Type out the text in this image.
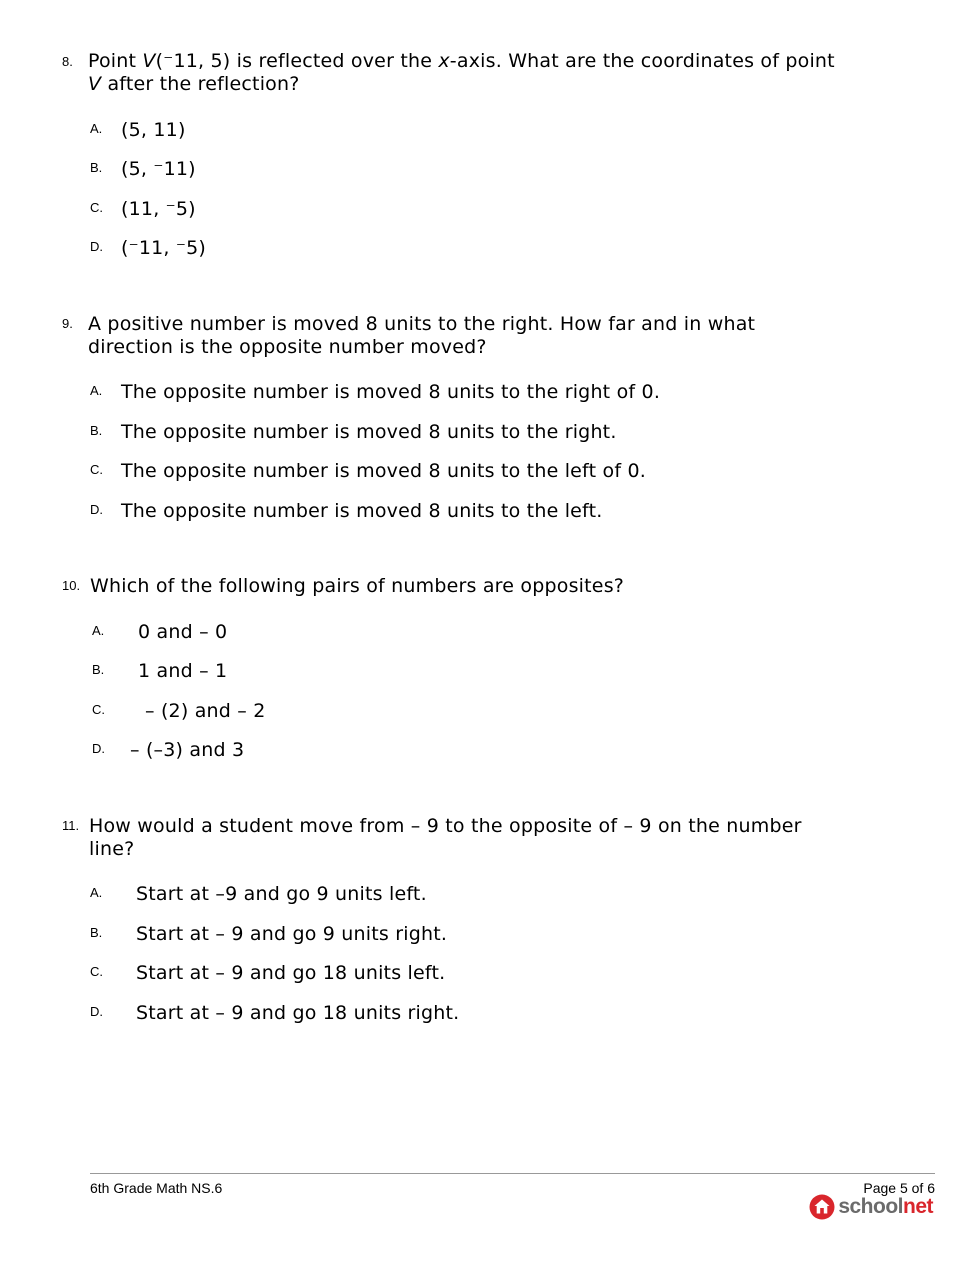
8. Point V(⁻11, 5) is reflected over the x-axis. What are the coordinates of point V after the reflection?
A. (5, 11)
B. (5, ⁻11)
C. (11, ⁻5)
D. (⁻11, ⁻5)
9. A positive number is moved 8 units to the right. How far and in what direction is the opposite number moved?
A. The opposite number is moved 8 units to the right of 0.
B. The opposite number is moved 8 units to the right.
C. The opposite number is moved 8 units to the left of 0.
D. The opposite number is moved 8 units to the left.
10. Which of the following pairs of numbers are opposites?
A. 0 and – 0
B. 1 and – 1
C. – (2) and – 2
D. – (–3) and 3
11. How would a student move from – 9 to the opposite of – 9 on the number line?
A. Start at –9 and go 9 units left.
B. Start at – 9 and go 9 units right.
C. Start at – 9 and go 18 units left.
D. Start at – 9 and go 18 units right.
6th Grade Math NS.6	Page 5 of 6
schoolnet
